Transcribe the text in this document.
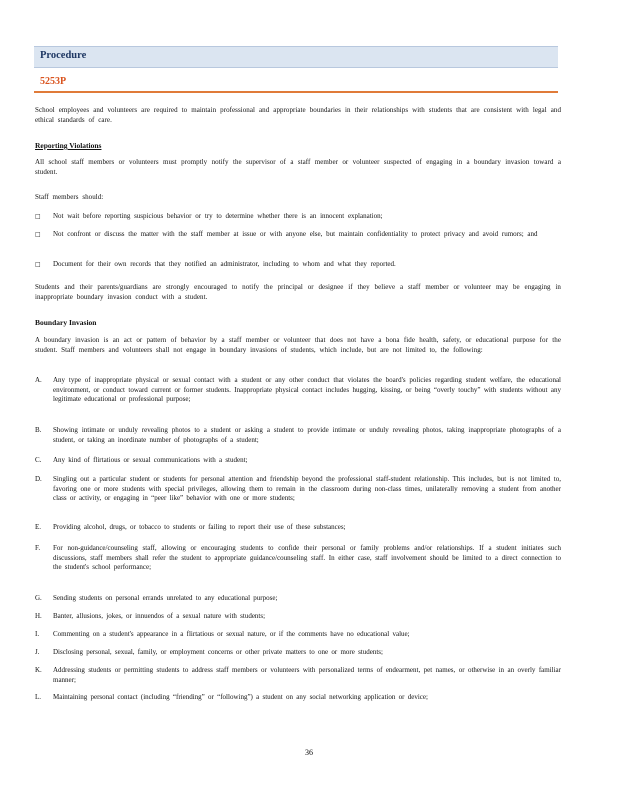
Procedure
5253P
School employees and volunteers are required to maintain professional and appropriate boundaries in their relationships with students that are consistent with legal and ethical standards of care.
Reporting Violations
All school staff members or volunteers must promptly notify the supervisor of a staff member or volunteer suspected of engaging in a boundary invasion toward a student.
Staff members should:
□	Not wait before reporting suspicious behavior or try to determine whether there is an innocent explanation;
□	Not confront or discuss the matter with the staff member at issue or with anyone else, but maintain confidentiality to protect privacy and avoid rumors; and
□	Document for their own records that they notified an administrator, including to whom and what they reported.
Students and their parents/guardians are strongly encouraged to notify the principal or designee if they believe a staff member or volunteer may be engaging in inappropriate boundary invasion conduct with a student.
Boundary Invasion
A boundary invasion is an act or pattern of behavior by a staff member or volunteer that does not have a bona fide health, safety, or educational purpose for the student. Staff members and volunteers shall not engage in boundary invasions of students, which include, but are not limited to, the following:
A. Any type of inappropriate physical or sexual contact with a student or any other conduct that violates the board's policies regarding student welfare, the educational environment, or conduct toward current or former students. Inappropriate physical contact includes hugging, kissing, or being “overly touchy” with students without any legitimate educational or professional purpose;
B. Showing intimate or unduly revealing photos to a student or asking a student to provide intimate or unduly revealing photos, taking inappropriate photographs of a student, or taking an inordinate number of photographs of a student;
C. Any kind of flirtatious or sexual communications with a student;
D. Singling out a particular student or students for personal attention and friendship beyond the professional staff-student relationship. This includes, but is not limited to, favoring one or more students with special privileges, allowing them to remain in the classroom during non-class times, unilaterally removing a student from another class or activity, or engaging in “peer like” behavior with one or more students;
E. Providing alcohol, drugs, or tobacco to students or failing to report their use of these substances;
F. For non-guidance/counseling staff, allowing or encouraging students to confide their personal or family problems and/or relationships. If a student initiates such discussions, staff members shall refer the student to appropriate guidance/counseling staff. In either case, staff involvement should be limited to a direct connection to the student's school performance;
G. Sending students on personal errands unrelated to any educational purpose;
H. Banter, allusions, jokes, or innuendos of a sexual nature with students;
I. Commenting on a student's appearance in a flirtatious or sexual nature, or if the comments have no educational value;
J. Disclosing personal, sexual, family, or employment concerns or other private matters to one or more students;
K. Addressing students or permitting students to address staff members or volunteers with personalized terms of endearment, pet names, or otherwise in an overly familiar manner;
L. Maintaining personal contact (including “friending” or “following”) a student on any social networking application or device;
36
